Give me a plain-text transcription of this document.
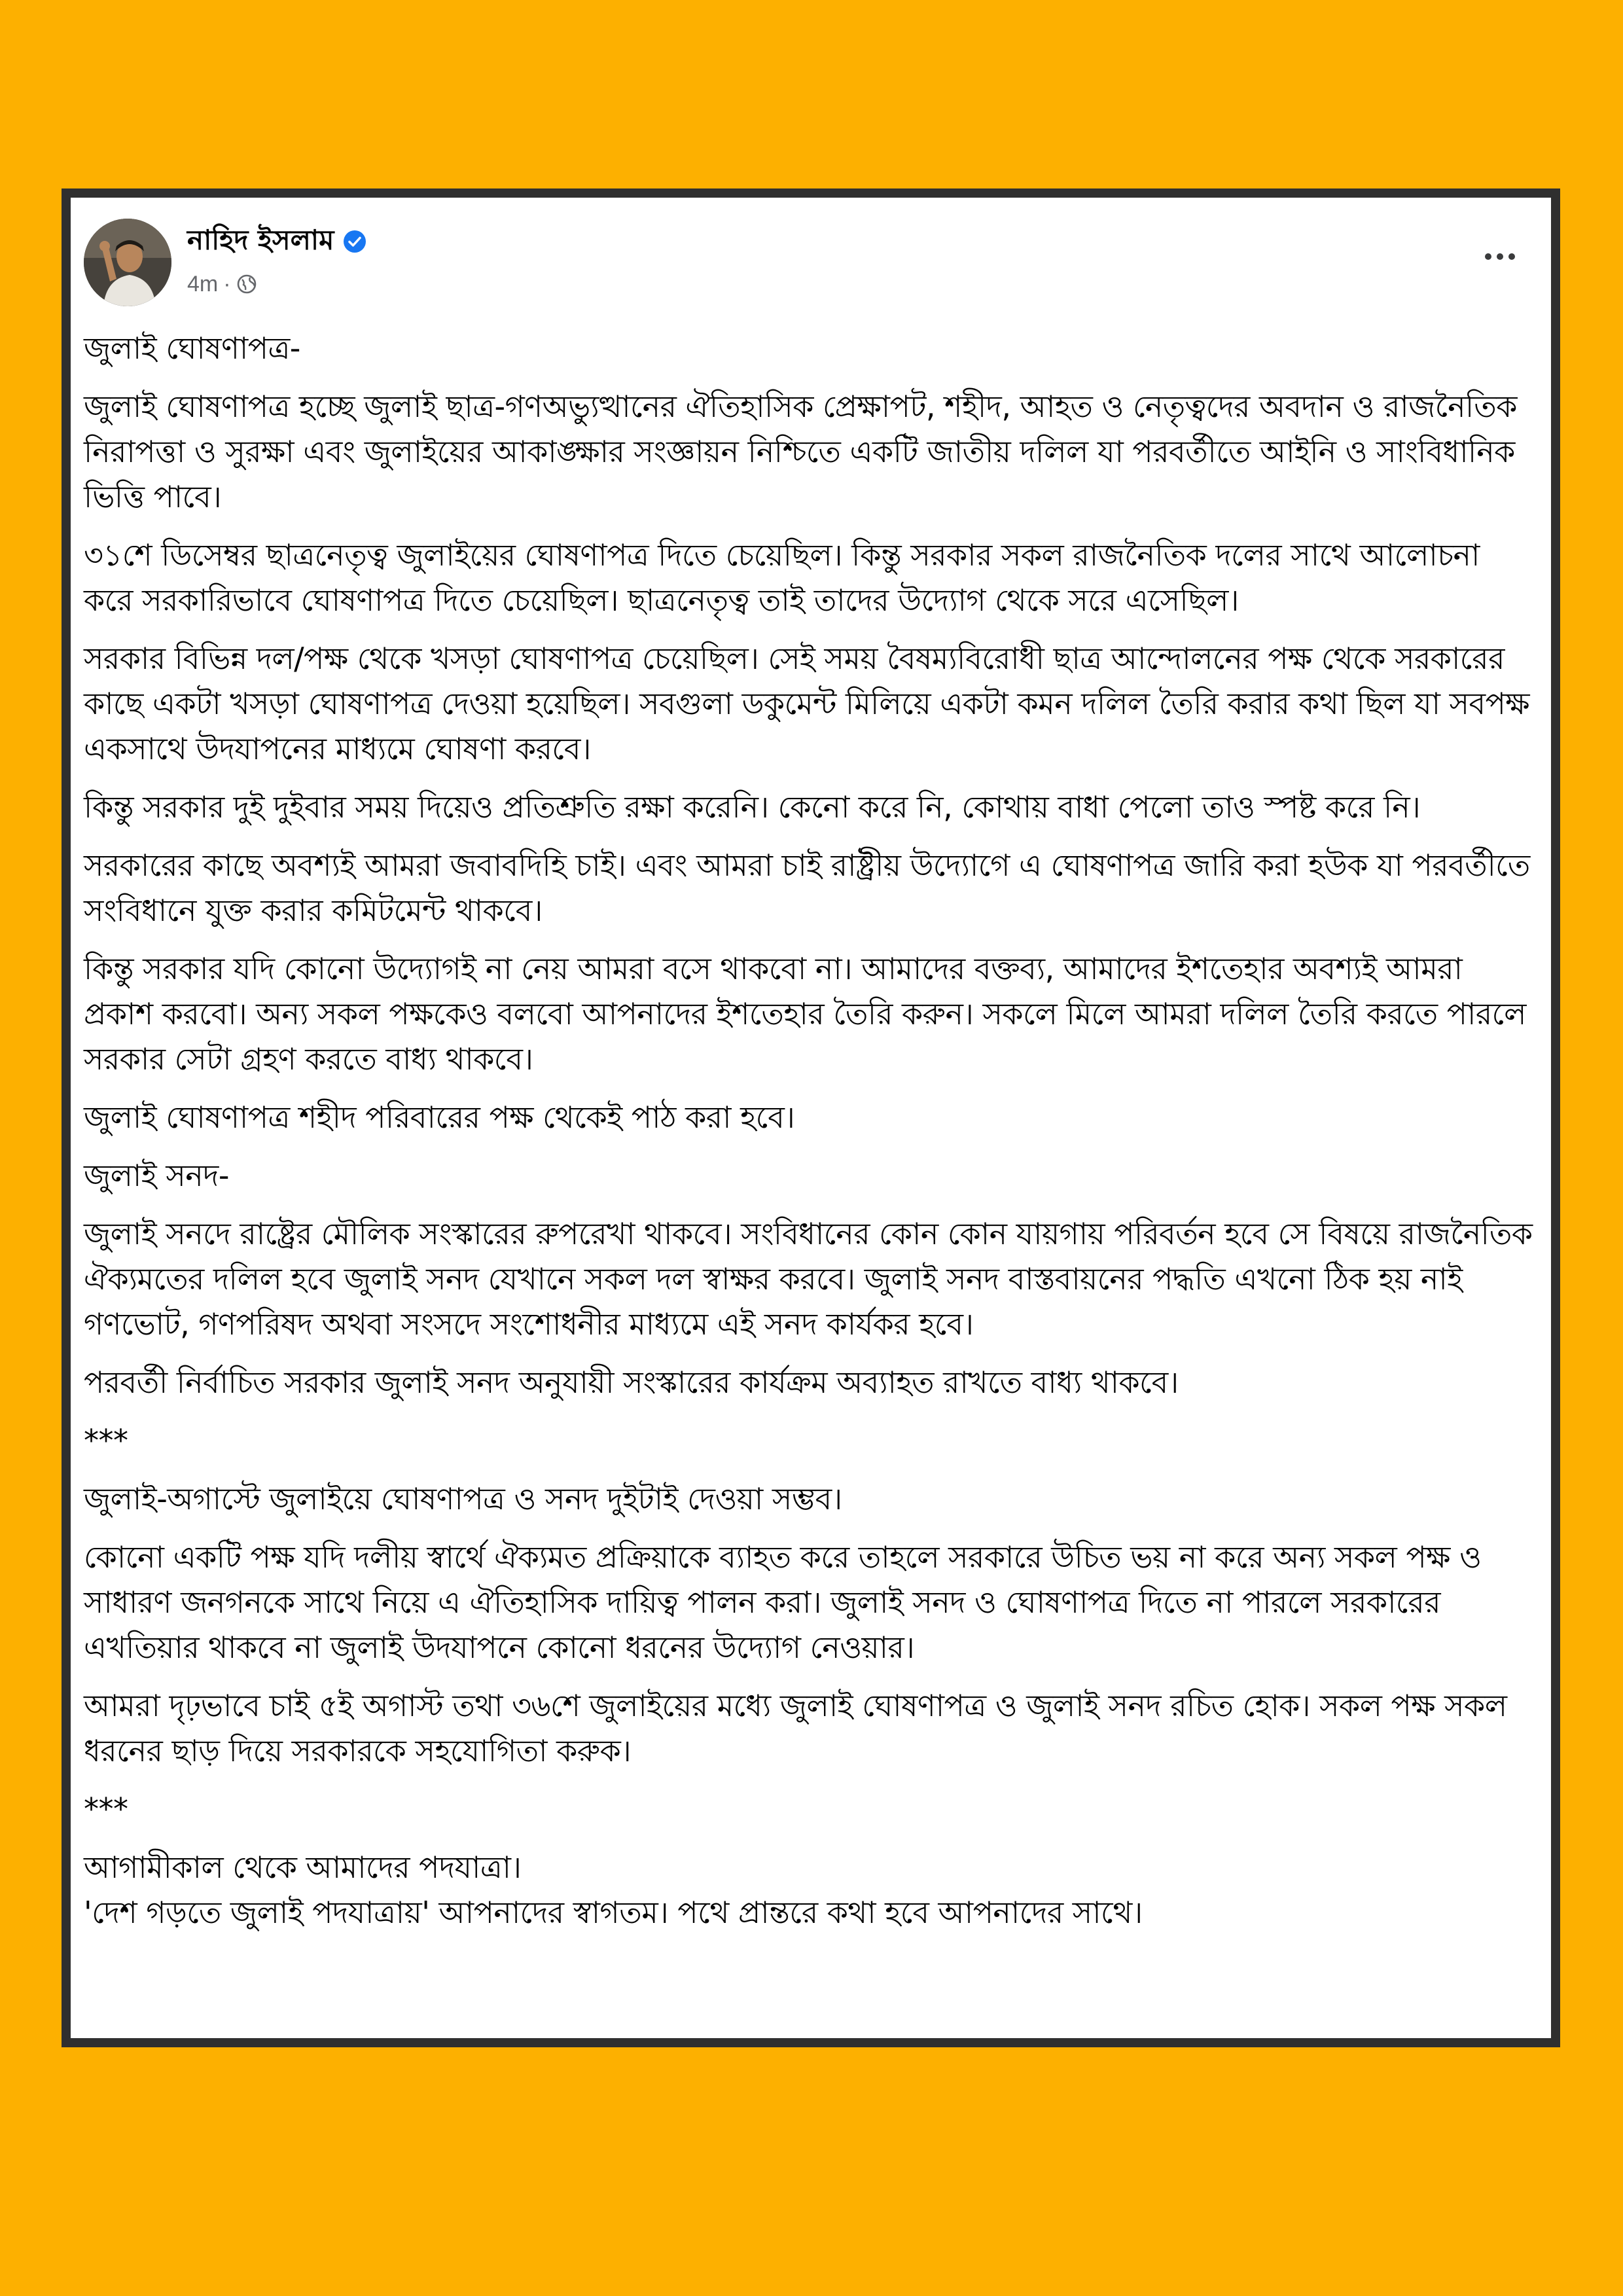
নাহিদ ইসলাম
4m ·

জুলাই ঘোষণাপত্র-

জুলাই ঘোষণাপত্র হচ্ছে জুলাই ছাত্র-গণঅভ্যুত্থানের ঐতিহাসিক প্রেক্ষাপট, শহীদ, আহত ও নেতৃত্বদের অবদান ও রাজনৈতিক নিরাপত্তা ও সুরক্ষা এবং জুলাইয়ের আকাঙ্ক্ষার সংজ্ঞায়ন নিশ্চিতে একটি জাতীয় দলিল যা পরবর্তীতে আইনি ও সাংবিধানিক ভিত্তি পাবে।

৩১শে ডিসেম্বর ছাত্রনেতৃত্ব জুলাইয়ের ঘোষণাপত্র দিতে চেয়েছিল। কিন্তু সরকার সকল রাজনৈতিক দলের সাথে আলোচনা করে সরকারিভাবে ঘোষণাপত্র দিতে চেয়েছিল। ছাত্রনেতৃত্ব তাই তাদের উদ্যোগ থেকে সরে এসেছিল।

সরকার বিভিন্ন দল/পক্ষ থেকে খসড়া ঘোষণাপত্র চেয়েছিল। সেই সময় বৈষম্যবিরোধী ছাত্র আন্দোলনের পক্ষ থেকে সরকারের কাছে একটা খসড়া ঘোষণাপত্র দেওয়া হয়েছিল। সবগুলা ডকুমেন্ট মিলিয়ে একটা কমন দলিল তৈরি করার কথা ছিল যা সবপক্ষ একসাথে উদযাপনের মাধ্যমে ঘোষণা করবে।

কিন্তু সরকার দুই দুইবার সময় দিয়েও প্রতিশ্রুতি রক্ষা করেনি। কেনো করে নি, কোথায় বাধা পেলো তাও স্পষ্ট করে নি।

সরকারের কাছে অবশ্যই আমরা জবাবদিহি চাই। এবং আমরা চাই রাষ্ট্রীয় উদ্যোগে এ ঘোষণাপত্র জারি করা হউক যা পরবর্তীতে সংবিধানে যুক্ত করার কমিটমেন্ট থাকবে।

কিন্তু সরকার যদি কোনো উদ্যোগই না নেয় আমরা বসে থাকবো না। আমাদের বক্তব্য, আমাদের ইশতেহার অবশ্যই আমরা প্রকাশ করবো। অন্য সকল পক্ষকেও বলবো আপনাদের ইশতেহার তৈরি করুন। সকলে মিলে আমরা দলিল তৈরি করতে পারলে সরকার সেটা গ্রহণ করতে বাধ্য থাকবে।

জুলাই ঘোষণাপত্র শহীদ পরিবারের পক্ষ থেকেই পাঠ করা হবে।

জুলাই সনদ-

জুলাই সনদে রাষ্ট্রের মৌলিক সংস্কারের রুপরেখা থাকবে। সংবিধানের কোন কোন যায়গায় পরিবর্তন হবে সে বিষয়ে রাজনৈতিক ঐক্যমতের দলিল হবে জুলাই সনদ যেখানে সকল দল স্বাক্ষর করবে। জুলাই সনদ বাস্তবায়নের পদ্ধতি এখনো ঠিক হয় নাই গণভোট, গণপরিষদ অথবা সংসদে সংশোধনীর মাধ্যমে এই সনদ কার্যকর হবে।

পরবর্তী নির্বাচিত সরকার জুলাই সনদ অনুযায়ী সংস্কারের কার্যক্রম অব্যাহত রাখতে বাধ্য থাকবে।

***

জুলাই-অগাস্টে জুলাইয়ে ঘোষণাপত্র ও সনদ দুইটাই দেওয়া সম্ভব।

কোনো একটি পক্ষ যদি দলীয় স্বার্থে ঐক্যমত প্রক্রিয়াকে ব্যাহত করে তাহলে সরকারে উচিত ভয় না করে অন্য সকল পক্ষ ও সাধারণ জনগনকে সাথে নিয়ে এ ঐতিহাসিক দায়িত্ব পালন করা। জুলাই সনদ ও ঘোষণাপত্র দিতে না পারলে সরকারের এখতিয়ার থাকবে না জুলাই উদযাপনে কোনো ধরনের উদ্যোগ নেওয়ার।

আমরা দৃঢ়ভাবে চাই ৫ই অগাস্ট তথা ৩৬শে জুলাইয়ের মধ্যে জুলাই ঘোষণাপত্র ও জুলাই সনদ রচিত হোক। সকল পক্ষ সকল ধরনের ছাড় দিয়ে সরকারকে সহযোগিতা করুক।

***

আগামীকাল থেকে আমাদের পদযাত্রা।

'দেশ গড়তে জুলাই পদযাত্রায়' আপনাদের স্বাগতম। পথে প্রান্তরে কথা হবে আপনাদের সাথে।
